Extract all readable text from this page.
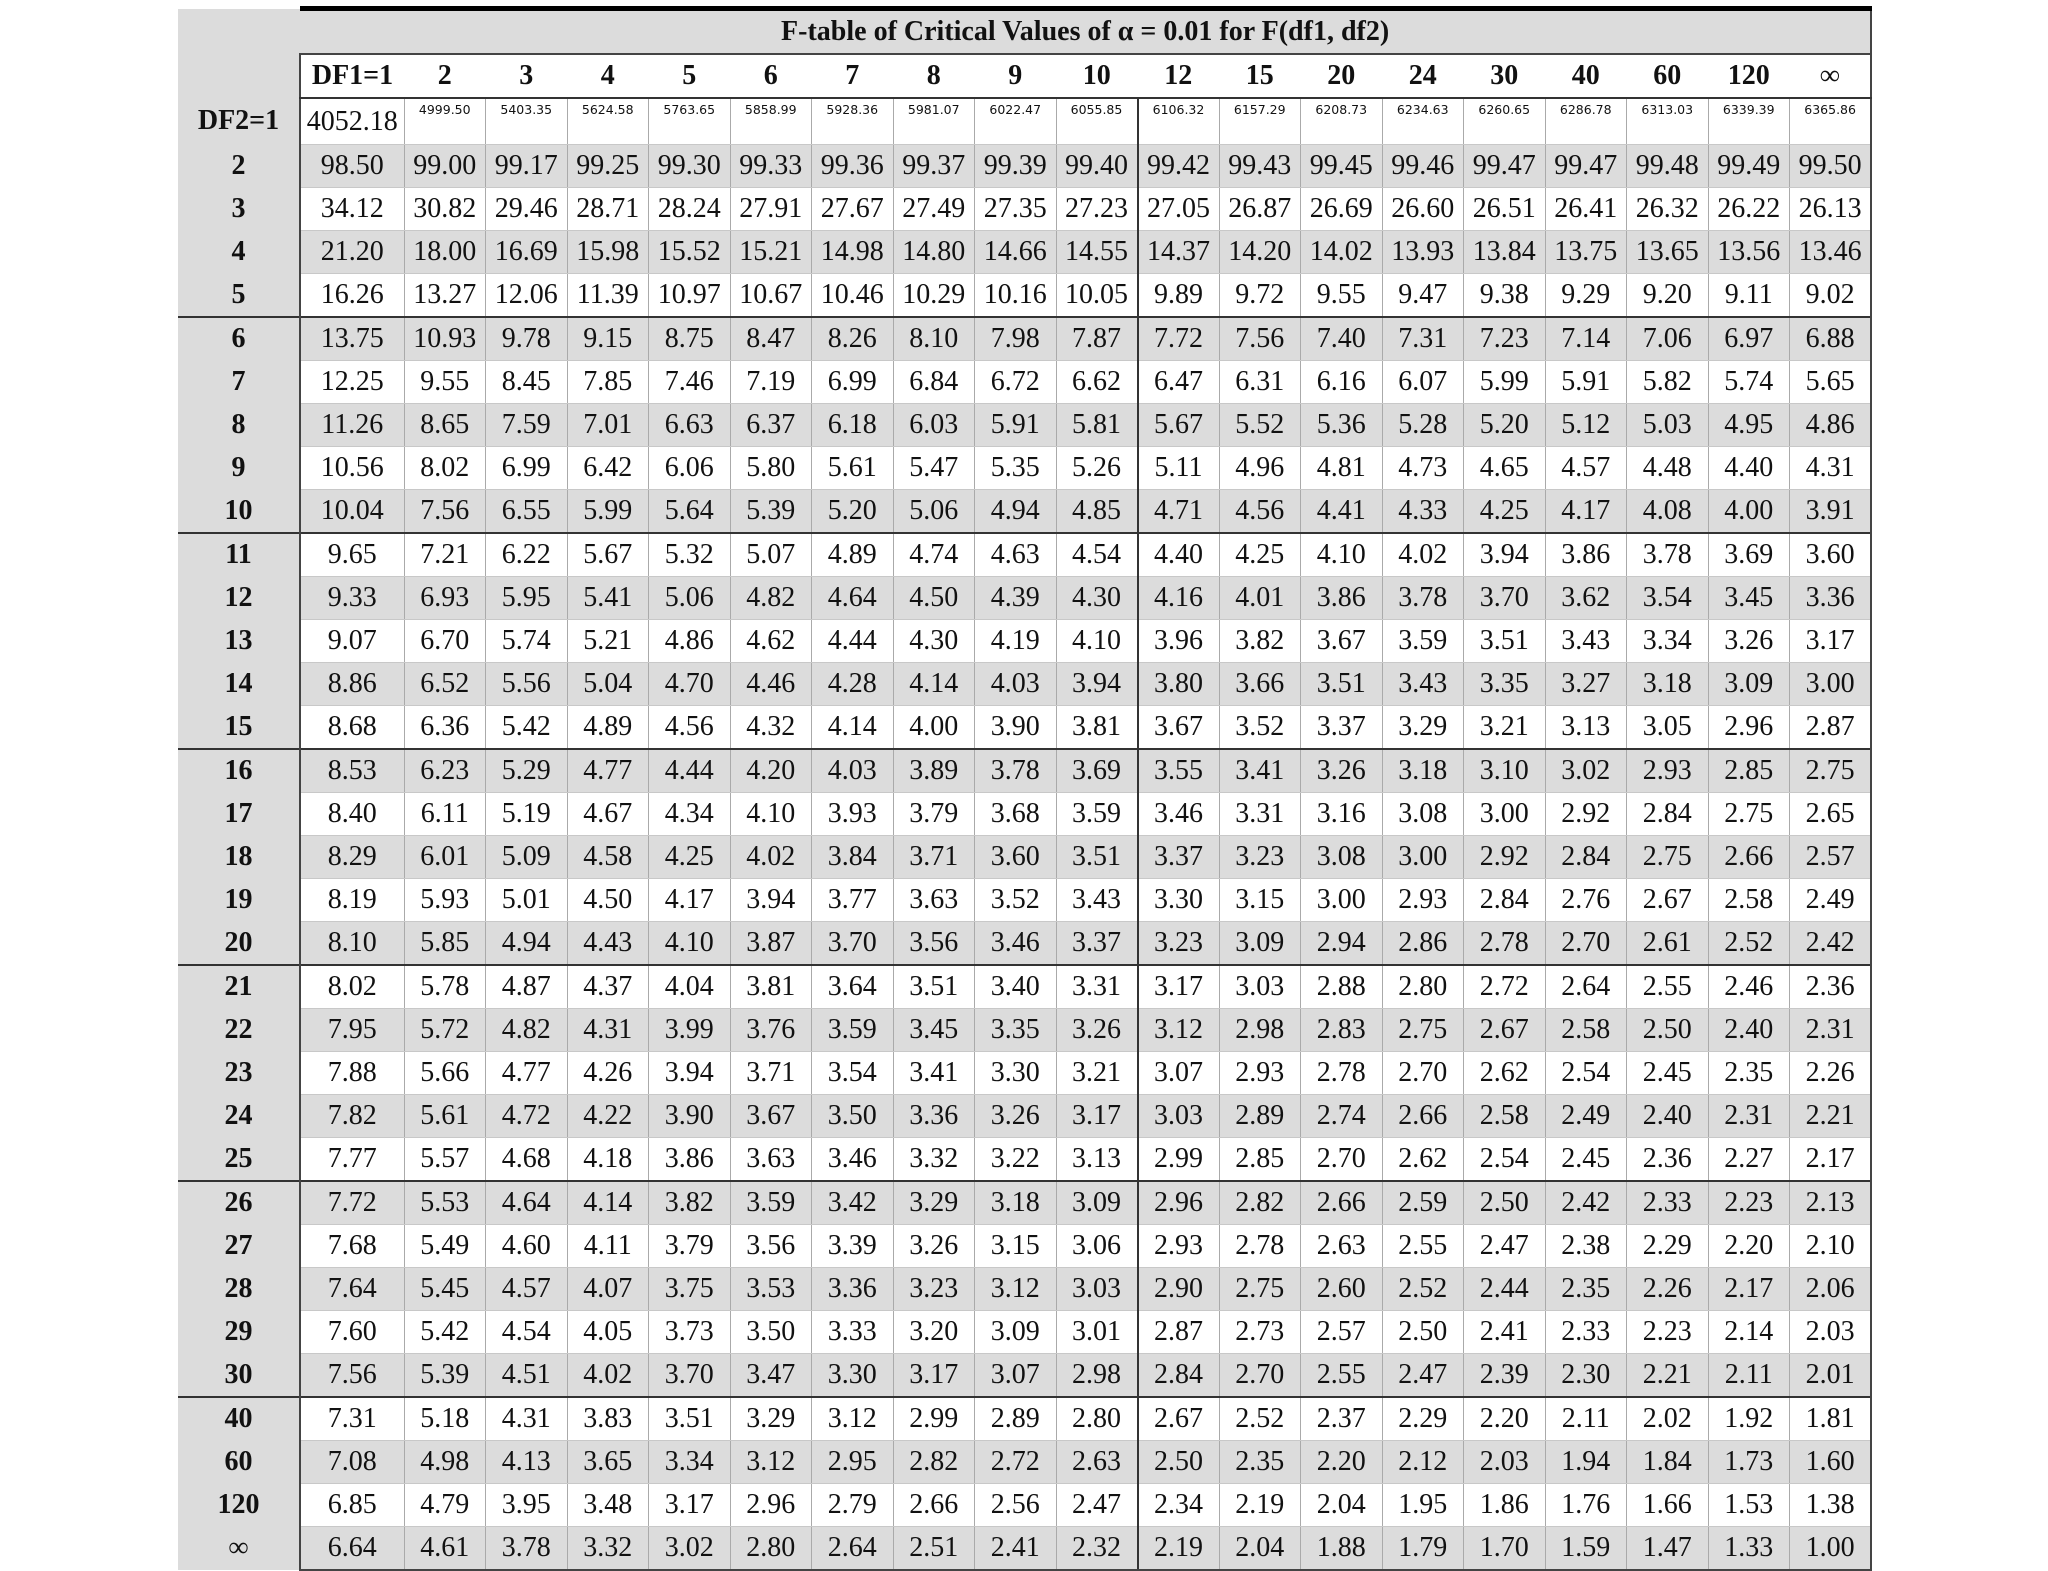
	F-table of Critical Values of α = 0.01 for F(df1, df2)																		
	DF1=1	2	3	4	5	6	7	8	9	10	12	15	20	24	30	40	60	120	∞
DF2=1	4052.18	4999.50	5403.35	5624.58	5763.65	5858.99	5928.36	5981.07	6022.47	6055.85	6106.32	6157.29	6208.73	6234.63	6260.65	6286.78	6313.03	6339.39	6365.86
2	98.50	99.00	99.17	99.25	99.30	99.33	99.36	99.37	99.39	99.40	99.42	99.43	99.45	99.46	99.47	99.47	99.48	99.49	99.50
3	34.12	30.82	29.46	28.71	28.24	27.91	27.67	27.49	27.35	27.23	27.05	26.87	26.69	26.60	26.51	26.41	26.32	26.22	26.13
4	21.20	18.00	16.69	15.98	15.52	15.21	14.98	14.80	14.66	14.55	14.37	14.20	14.02	13.93	13.84	13.75	13.65	13.56	13.46
5	16.26	13.27	12.06	11.39	10.97	10.67	10.46	10.29	10.16	10.05	9.89	9.72	9.55	9.47	9.38	9.29	9.20	9.11	9.02
6	13.75	10.93	9.78	9.15	8.75	8.47	8.26	8.10	7.98	7.87	7.72	7.56	7.40	7.31	7.23	7.14	7.06	6.97	6.88
7	12.25	9.55	8.45	7.85	7.46	7.19	6.99	6.84	6.72	6.62	6.47	6.31	6.16	6.07	5.99	5.91	5.82	5.74	5.65
8	11.26	8.65	7.59	7.01	6.63	6.37	6.18	6.03	5.91	5.81	5.67	5.52	5.36	5.28	5.20	5.12	5.03	4.95	4.86
9	10.56	8.02	6.99	6.42	6.06	5.80	5.61	5.47	5.35	5.26	5.11	4.96	4.81	4.73	4.65	4.57	4.48	4.40	4.31
10	10.04	7.56	6.55	5.99	5.64	5.39	5.20	5.06	4.94	4.85	4.71	4.56	4.41	4.33	4.25	4.17	4.08	4.00	3.91
11	9.65	7.21	6.22	5.67	5.32	5.07	4.89	4.74	4.63	4.54	4.40	4.25	4.10	4.02	3.94	3.86	3.78	3.69	3.60
12	9.33	6.93	5.95	5.41	5.06	4.82	4.64	4.50	4.39	4.30	4.16	4.01	3.86	3.78	3.70	3.62	3.54	3.45	3.36
13	9.07	6.70	5.74	5.21	4.86	4.62	4.44	4.30	4.19	4.10	3.96	3.82	3.67	3.59	3.51	3.43	3.34	3.26	3.17
14	8.86	6.52	5.56	5.04	4.70	4.46	4.28	4.14	4.03	3.94	3.80	3.66	3.51	3.43	3.35	3.27	3.18	3.09	3.00
15	8.68	6.36	5.42	4.89	4.56	4.32	4.14	4.00	3.90	3.81	3.67	3.52	3.37	3.29	3.21	3.13	3.05	2.96	2.87
16	8.53	6.23	5.29	4.77	4.44	4.20	4.03	3.89	3.78	3.69	3.55	3.41	3.26	3.18	3.10	3.02	2.93	2.85	2.75
17	8.40	6.11	5.19	4.67	4.34	4.10	3.93	3.79	3.68	3.59	3.46	3.31	3.16	3.08	3.00	2.92	2.84	2.75	2.65
18	8.29	6.01	5.09	4.58	4.25	4.02	3.84	3.71	3.60	3.51	3.37	3.23	3.08	3.00	2.92	2.84	2.75	2.66	2.57
19	8.19	5.93	5.01	4.50	4.17	3.94	3.77	3.63	3.52	3.43	3.30	3.15	3.00	2.93	2.84	2.76	2.67	2.58	2.49
20	8.10	5.85	4.94	4.43	4.10	3.87	3.70	3.56	3.46	3.37	3.23	3.09	2.94	2.86	2.78	2.70	2.61	2.52	2.42
21	8.02	5.78	4.87	4.37	4.04	3.81	3.64	3.51	3.40	3.31	3.17	3.03	2.88	2.80	2.72	2.64	2.55	2.46	2.36
22	7.95	5.72	4.82	4.31	3.99	3.76	3.59	3.45	3.35	3.26	3.12	2.98	2.83	2.75	2.67	2.58	2.50	2.40	2.31
23	7.88	5.66	4.77	4.26	3.94	3.71	3.54	3.41	3.30	3.21	3.07	2.93	2.78	2.70	2.62	2.54	2.45	2.35	2.26
24	7.82	5.61	4.72	4.22	3.90	3.67	3.50	3.36	3.26	3.17	3.03	2.89	2.74	2.66	2.58	2.49	2.40	2.31	2.21
25	7.77	5.57	4.68	4.18	3.86	3.63	3.46	3.32	3.22	3.13	2.99	2.85	2.70	2.62	2.54	2.45	2.36	2.27	2.17
26	7.72	5.53	4.64	4.14	3.82	3.59	3.42	3.29	3.18	3.09	2.96	2.82	2.66	2.59	2.50	2.42	2.33	2.23	2.13
27	7.68	5.49	4.60	4.11	3.79	3.56	3.39	3.26	3.15	3.06	2.93	2.78	2.63	2.55	2.47	2.38	2.29	2.20	2.10
28	7.64	5.45	4.57	4.07	3.75	3.53	3.36	3.23	3.12	3.03	2.90	2.75	2.60	2.52	2.44	2.35	2.26	2.17	2.06
29	7.60	5.42	4.54	4.05	3.73	3.50	3.33	3.20	3.09	3.01	2.87	2.73	2.57	2.50	2.41	2.33	2.23	2.14	2.03
30	7.56	5.39	4.51	4.02	3.70	3.47	3.30	3.17	3.07	2.98	2.84	2.70	2.55	2.47	2.39	2.30	2.21	2.11	2.01
40	7.31	5.18	4.31	3.83	3.51	3.29	3.12	2.99	2.89	2.80	2.67	2.52	2.37	2.29	2.20	2.11	2.02	1.92	1.81
60	7.08	4.98	4.13	3.65	3.34	3.12	2.95	2.82	2.72	2.63	2.50	2.35	2.20	2.12	2.03	1.94	1.84	1.73	1.60
120	6.85	4.79	3.95	3.48	3.17	2.96	2.79	2.66	2.56	2.47	2.34	2.19	2.04	1.95	1.86	1.76	1.66	1.53	1.38
∞	6.64	4.61	3.78	3.32	3.02	2.80	2.64	2.51	2.41	2.32	2.19	2.04	1.88	1.79	1.70	1.59	1.47	1.33	1.00
